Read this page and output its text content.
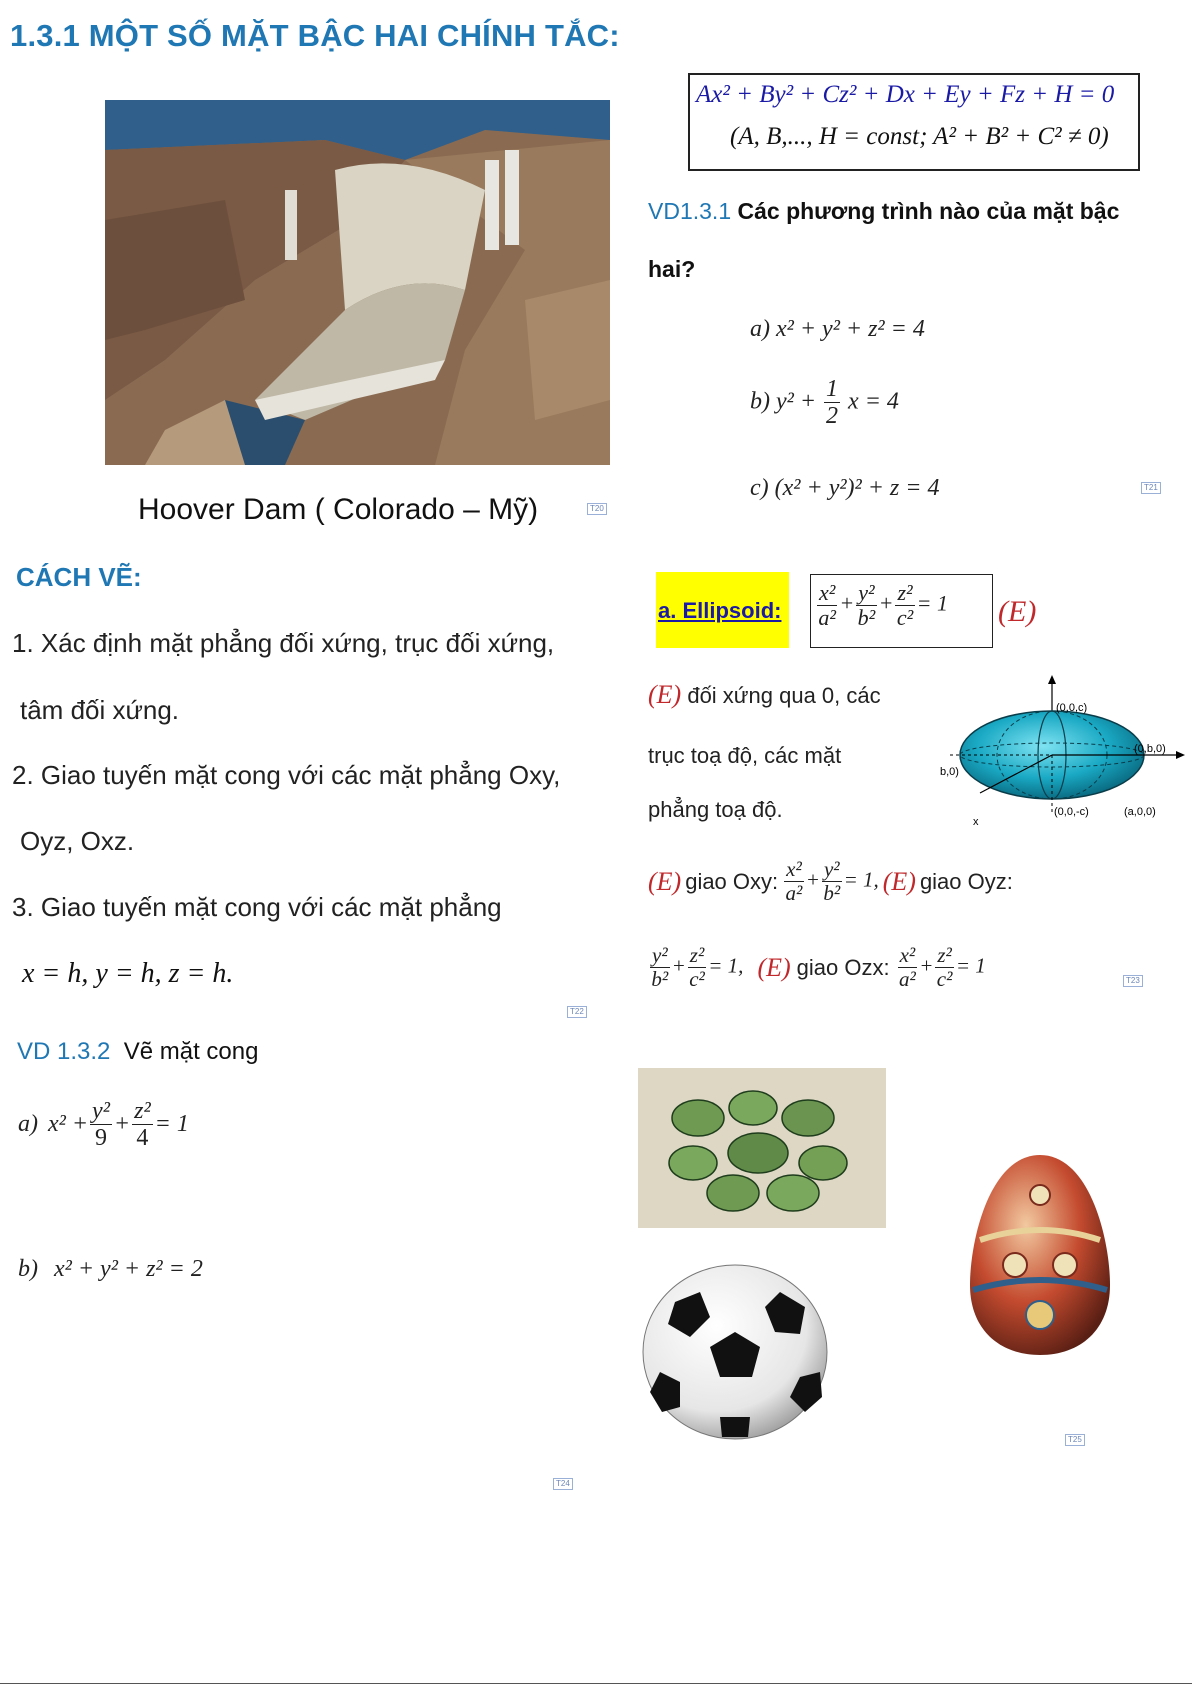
1.3.1 MỘT SỐ MẶT BẬC HAI CHÍNH TẮC:
Hoover Dam ( Colorado – Mỹ)	T20
Ax² + By² + Cz² + Dx + Ey + Fz + H = 0
(A, B,..., H = const; A² + B² + C² ≠ 0)
VD1.3.1 Các phương trình nào của mặt bậc
hai?
a) x² + y² + z² = 4
b) $y^2 + \frac{1}{2}$ x = 4
c) (x² + y²)² + z = 4	T21
CÁCH VẼ:
1. Xác định mặt phẳng đối xứng, trục đối xứng,
tâm đối xứng.
2. Giao tuyến mặt cong với các mặt phẳng Oxy,
Oyz, Oxz.
3. Giao tuyến mặt cong với các mặt phẳng
x = h, y = h, z = h.
T22
a. Ellipsoid: $\frac{\text{x²}}{\text{a²}} + \frac{\text{y²}}{\text{b²}} + \frac{\text{z²}}{\text{c²}} = 1$ (E)
(E) đối xứng qua 0, các
trục toạ độ, các mặt
phẳng toạ độ.
(0,0,c)
(0,b,0)
b,0)
(0,0,-c)	(a,0,0)
x
(E) giao Oxy: $\frac{\text{x²}}{\text{a²}} + \frac{\text{y²}}{\text{b²}} = 1$, (E) giao Oyz:
$\frac{\text{y²}}{\text{b²}} + \frac{\text{z²}}{\text{c²}} = 1$, (E) giao Ozx: $\frac{\text{x²}}{\text{a²}} + \frac{\text{z²}}{\text{c²}} = 1$
T23
VD 1.3.2 Vẽ mặt cong
a) $x^2 + \frac{\text{y²}}{9} + \frac{\text{z²}}{4} = 1$
b) x² + y² + z² = 2
T24
T25
